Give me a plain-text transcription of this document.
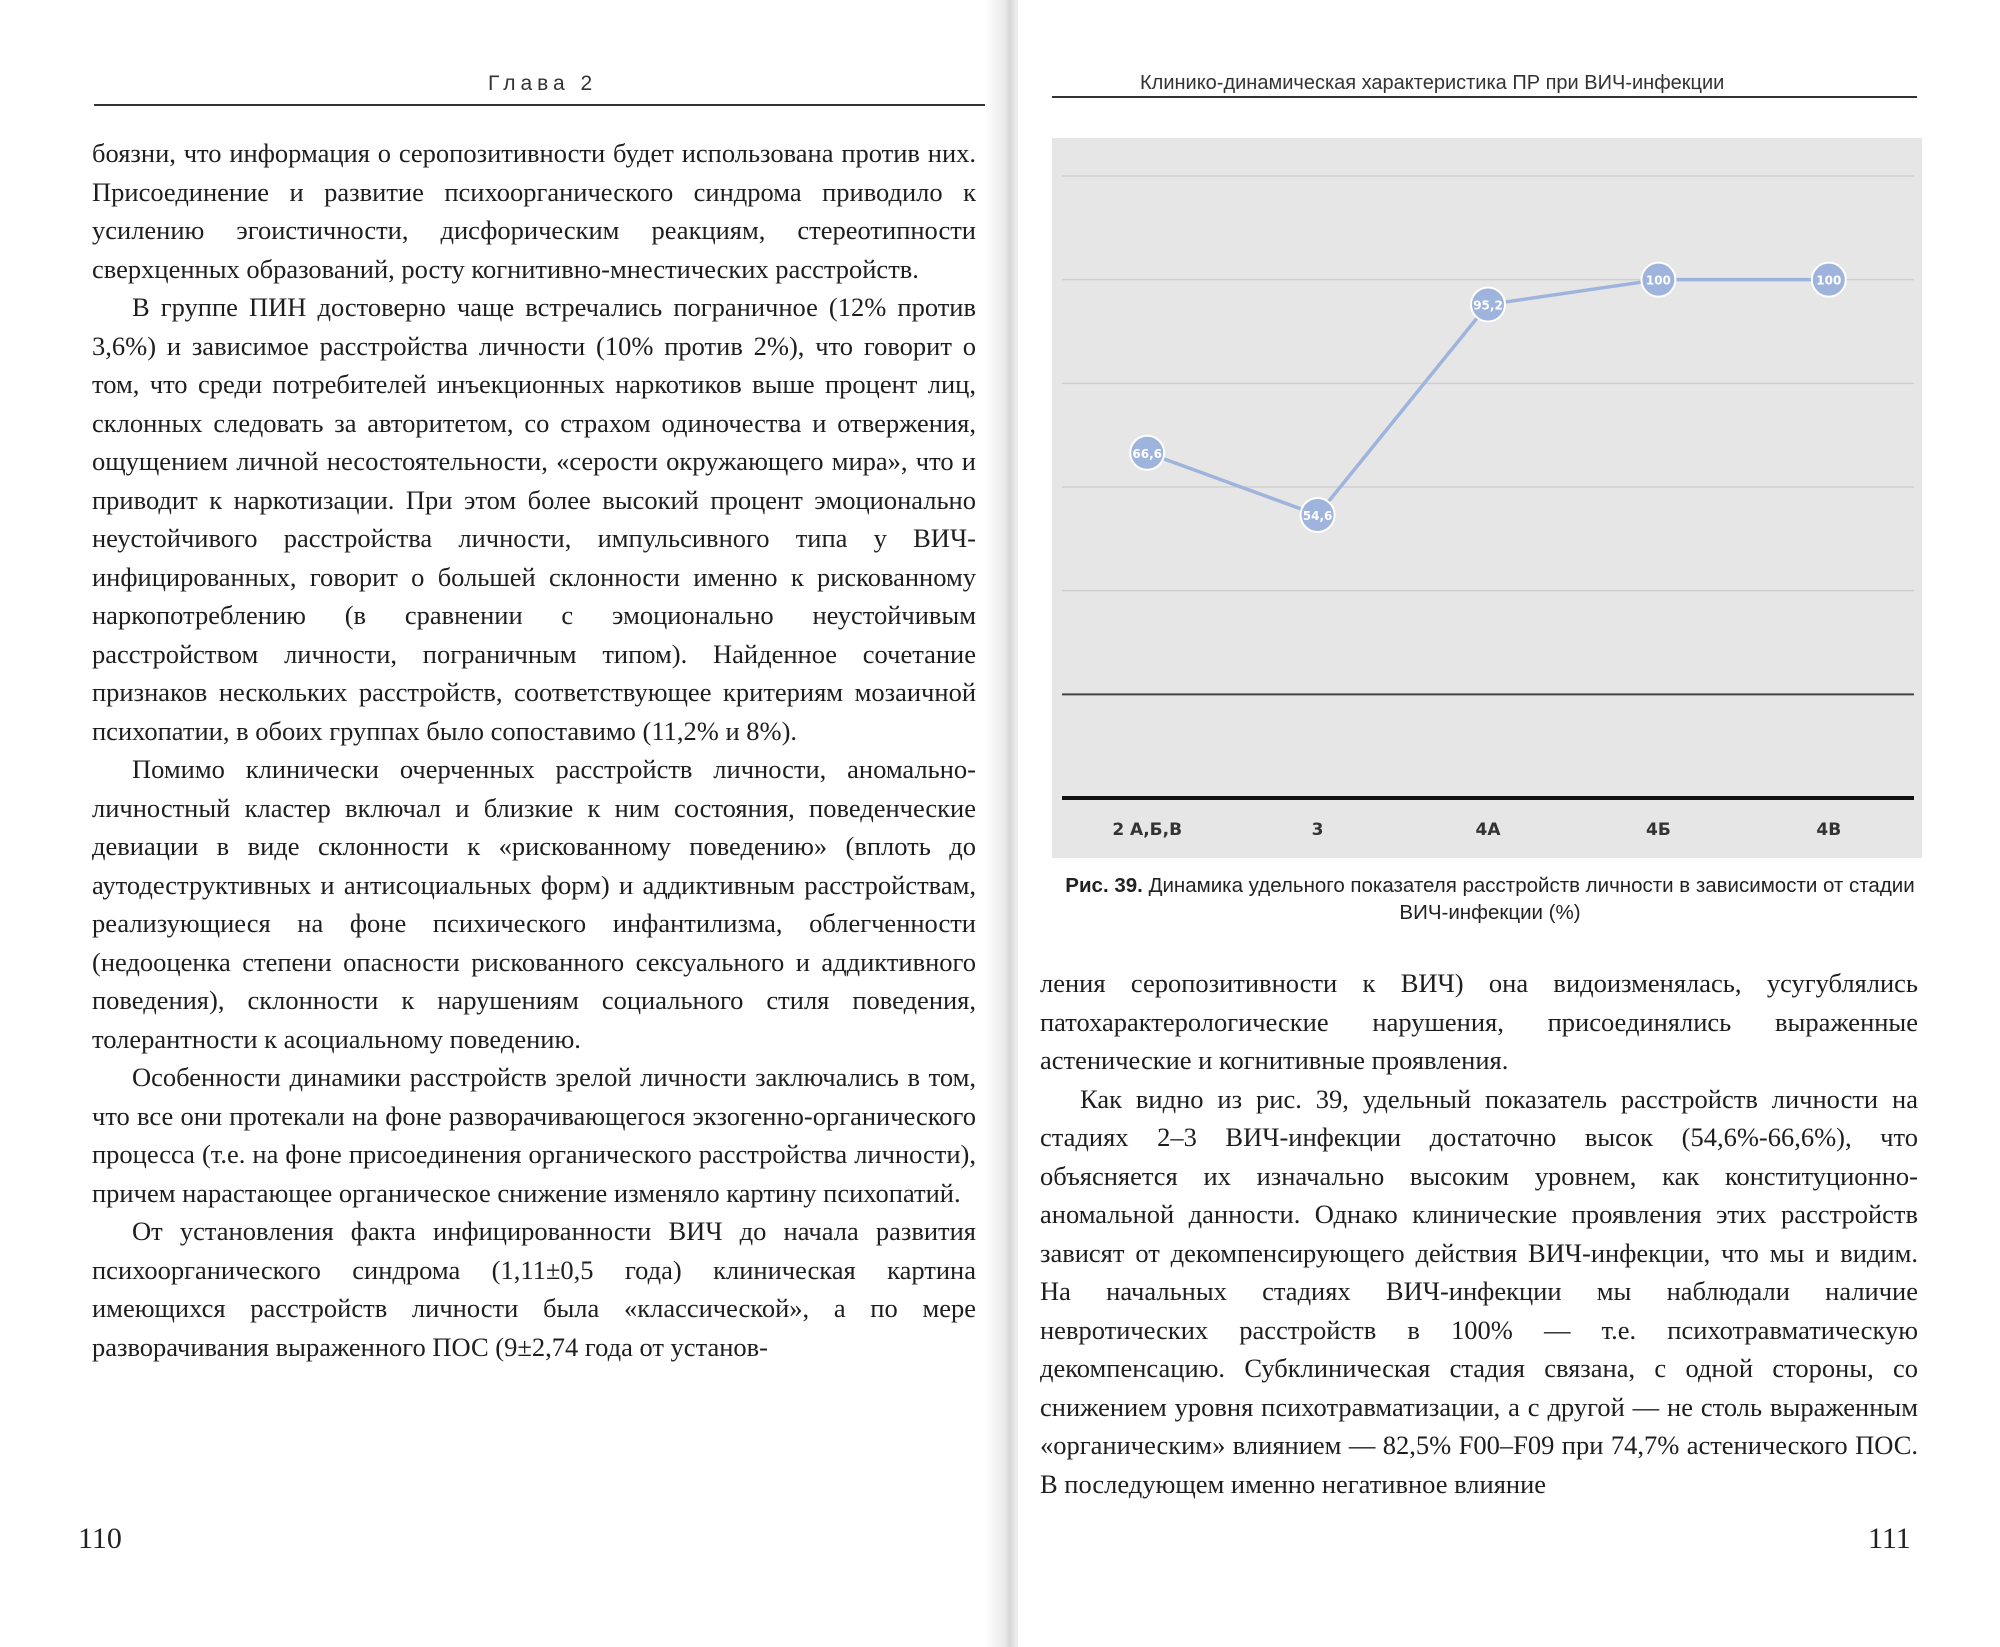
Глава 2

боязни, что информация о серопозитивности будет использована против них. Присоединение и развитие психоорганического синдрома приводило к усилению эгоистичности, дисфорическим реакциям, стереотипности сверхценных образований, росту когнитивно-мнестических расстройств.

В группе ПИН достоверно чаще встречались пограничное (12% против 3,6%) и зависимое расстройства личности (10% против 2%), что говорит о том, что среди потребителей инъекционных наркотиков выше процент лиц, склонных следовать за авторитетом, со страхом одиночества и отвержения, ощущением личной несостоятельности, «серости окружающего мира», что и приводит к наркотизации. При этом более высокий процент эмоционально неустойчивого расстройства личности, импульсивного типа у ВИЧ-инфицированных, говорит о большей склонности именно к рискованному наркопотреблению (в сравнении с эмоционально неустойчивым расстройством личности, пограничным типом). Найденное сочетание признаков нескольких расстройств, соответствующее критериям мозаичной психопатии, в обоих группах было сопоставимо (11,2% и 8%).

Помимо клинически очерченных расстройств личности, аномально-личностный кластер включал и близкие к ним состояния, поведенческие девиации в виде склонности к «рискованному поведению» (вплоть до аутодеструктивных и антисоциальных форм) и аддиктивным расстройствам, реализующиеся на фоне психического инфантилизма, облегченности (недооценка степени опасности рискованного сексуального и аддиктивного поведения), склонности к нарушениям социального стиля поведения, толерантности к асоциальному поведению.

Особенности динамики расстройств зрелой личности заключались в том, что все они протекали на фоне разворачивающегося экзогенно-органического процесса (т.е. на фоне присоединения органического расстройства личности), причем нарастающее органическое снижение изменяло картину психопатий.

От установления факта инфицированности ВИЧ до начала развития психоорганического синдрома (1,11±0,5 года) клиническая картина имеющихся расстройств личности была «классической», а по мере разворачивания выраженного ПОС (9±2,74 года от установ-

110
Клинико-динамическая характеристика ПР при ВИЧ-инфекции
2 А,Б,В	3	4А	4Б	4В
66,6
54,6
95,2
100	100
Рис. 39. Динамика удельного показателя расстройств личности в зависимости от стадии ВИЧ-инфекции (%)

ления серопозитивности к ВИЧ) она видоизменялась, усугублялись патохарактерологические нарушения, присоединялись выраженные астенические и когнитивные проявления.

Как видно из рис. 39, удельный показатель расстройств личности на стадиях 2–3 ВИЧ-инфекции достаточно высок (54,6%-66,6%), что объясняется их изначально высоким уровнем, как конституционно-аномальной данности. Однако клинические проявления этих расстройств зависят от декомпенсирующего действия ВИЧ-инфекции, что мы и видим. На начальных стадиях ВИЧ-инфекции мы наблюдали наличие невротических расстройств в 100% — т.е. психотравматическую декомпенсацию. Субклиническая стадия связана, с одной стороны, со снижением уровня психотравматизации, а с другой — не столь выраженным «органическим» влиянием — 82,5% F00–F09 при 74,7% астенического ПОС. В последующем именно негативное влияние

111
